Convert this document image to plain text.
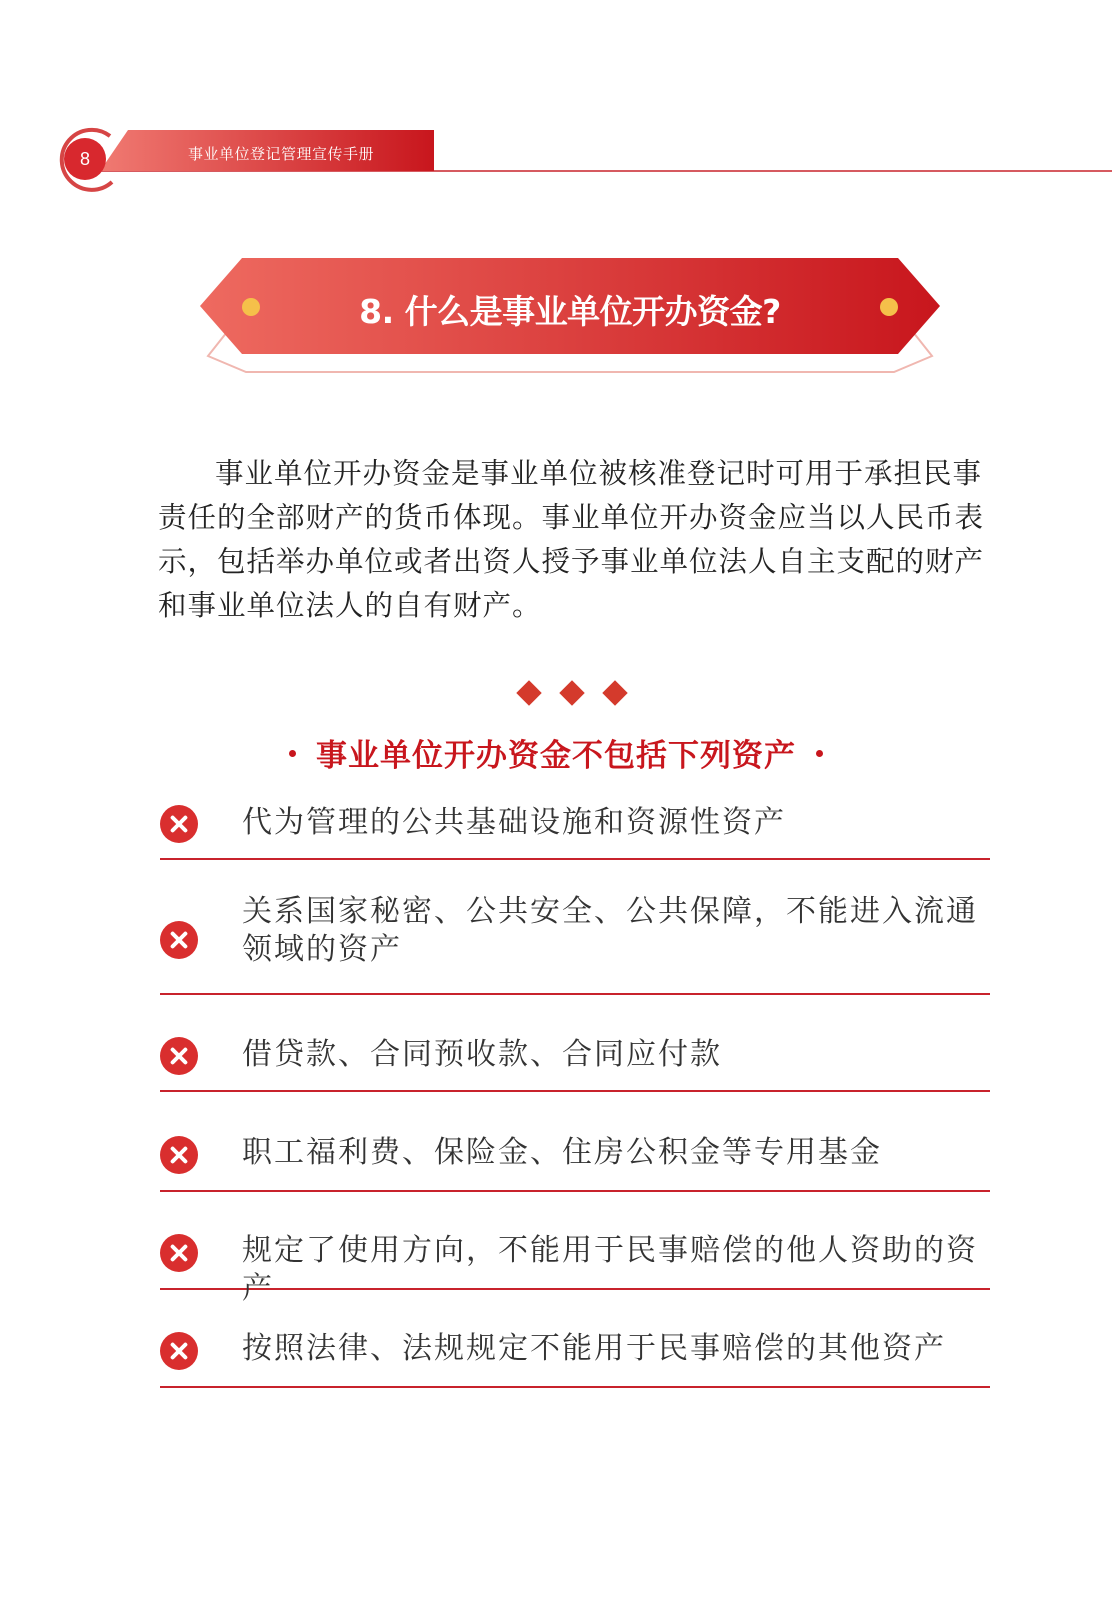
8	事业单位登记管理宣传手册
8. 什么是事业单位开办资金?
事业单位开办资金是事业单位被核准登记时可用于承担民事责任的全部财产的货币体现。事业单位开办资金应当以人民币表示，包括举办单位或者出资人授予事业单位法人自主支配的财产和事业单位法人的自有财产。
事业单位开办资金不包括下列资产
代为管理的公共基础设施和资源性资产
关系国家秘密、公共安全、公共保障，不能进入流通领域的资产
借贷款、合同预收款、合同应付款
职工福利费、保险金、住房公积金等专用基金
规定了使用方向，不能用于民事赔偿的他人资助的资产
按照法律、法规规定不能用于民事赔偿的其他资产
